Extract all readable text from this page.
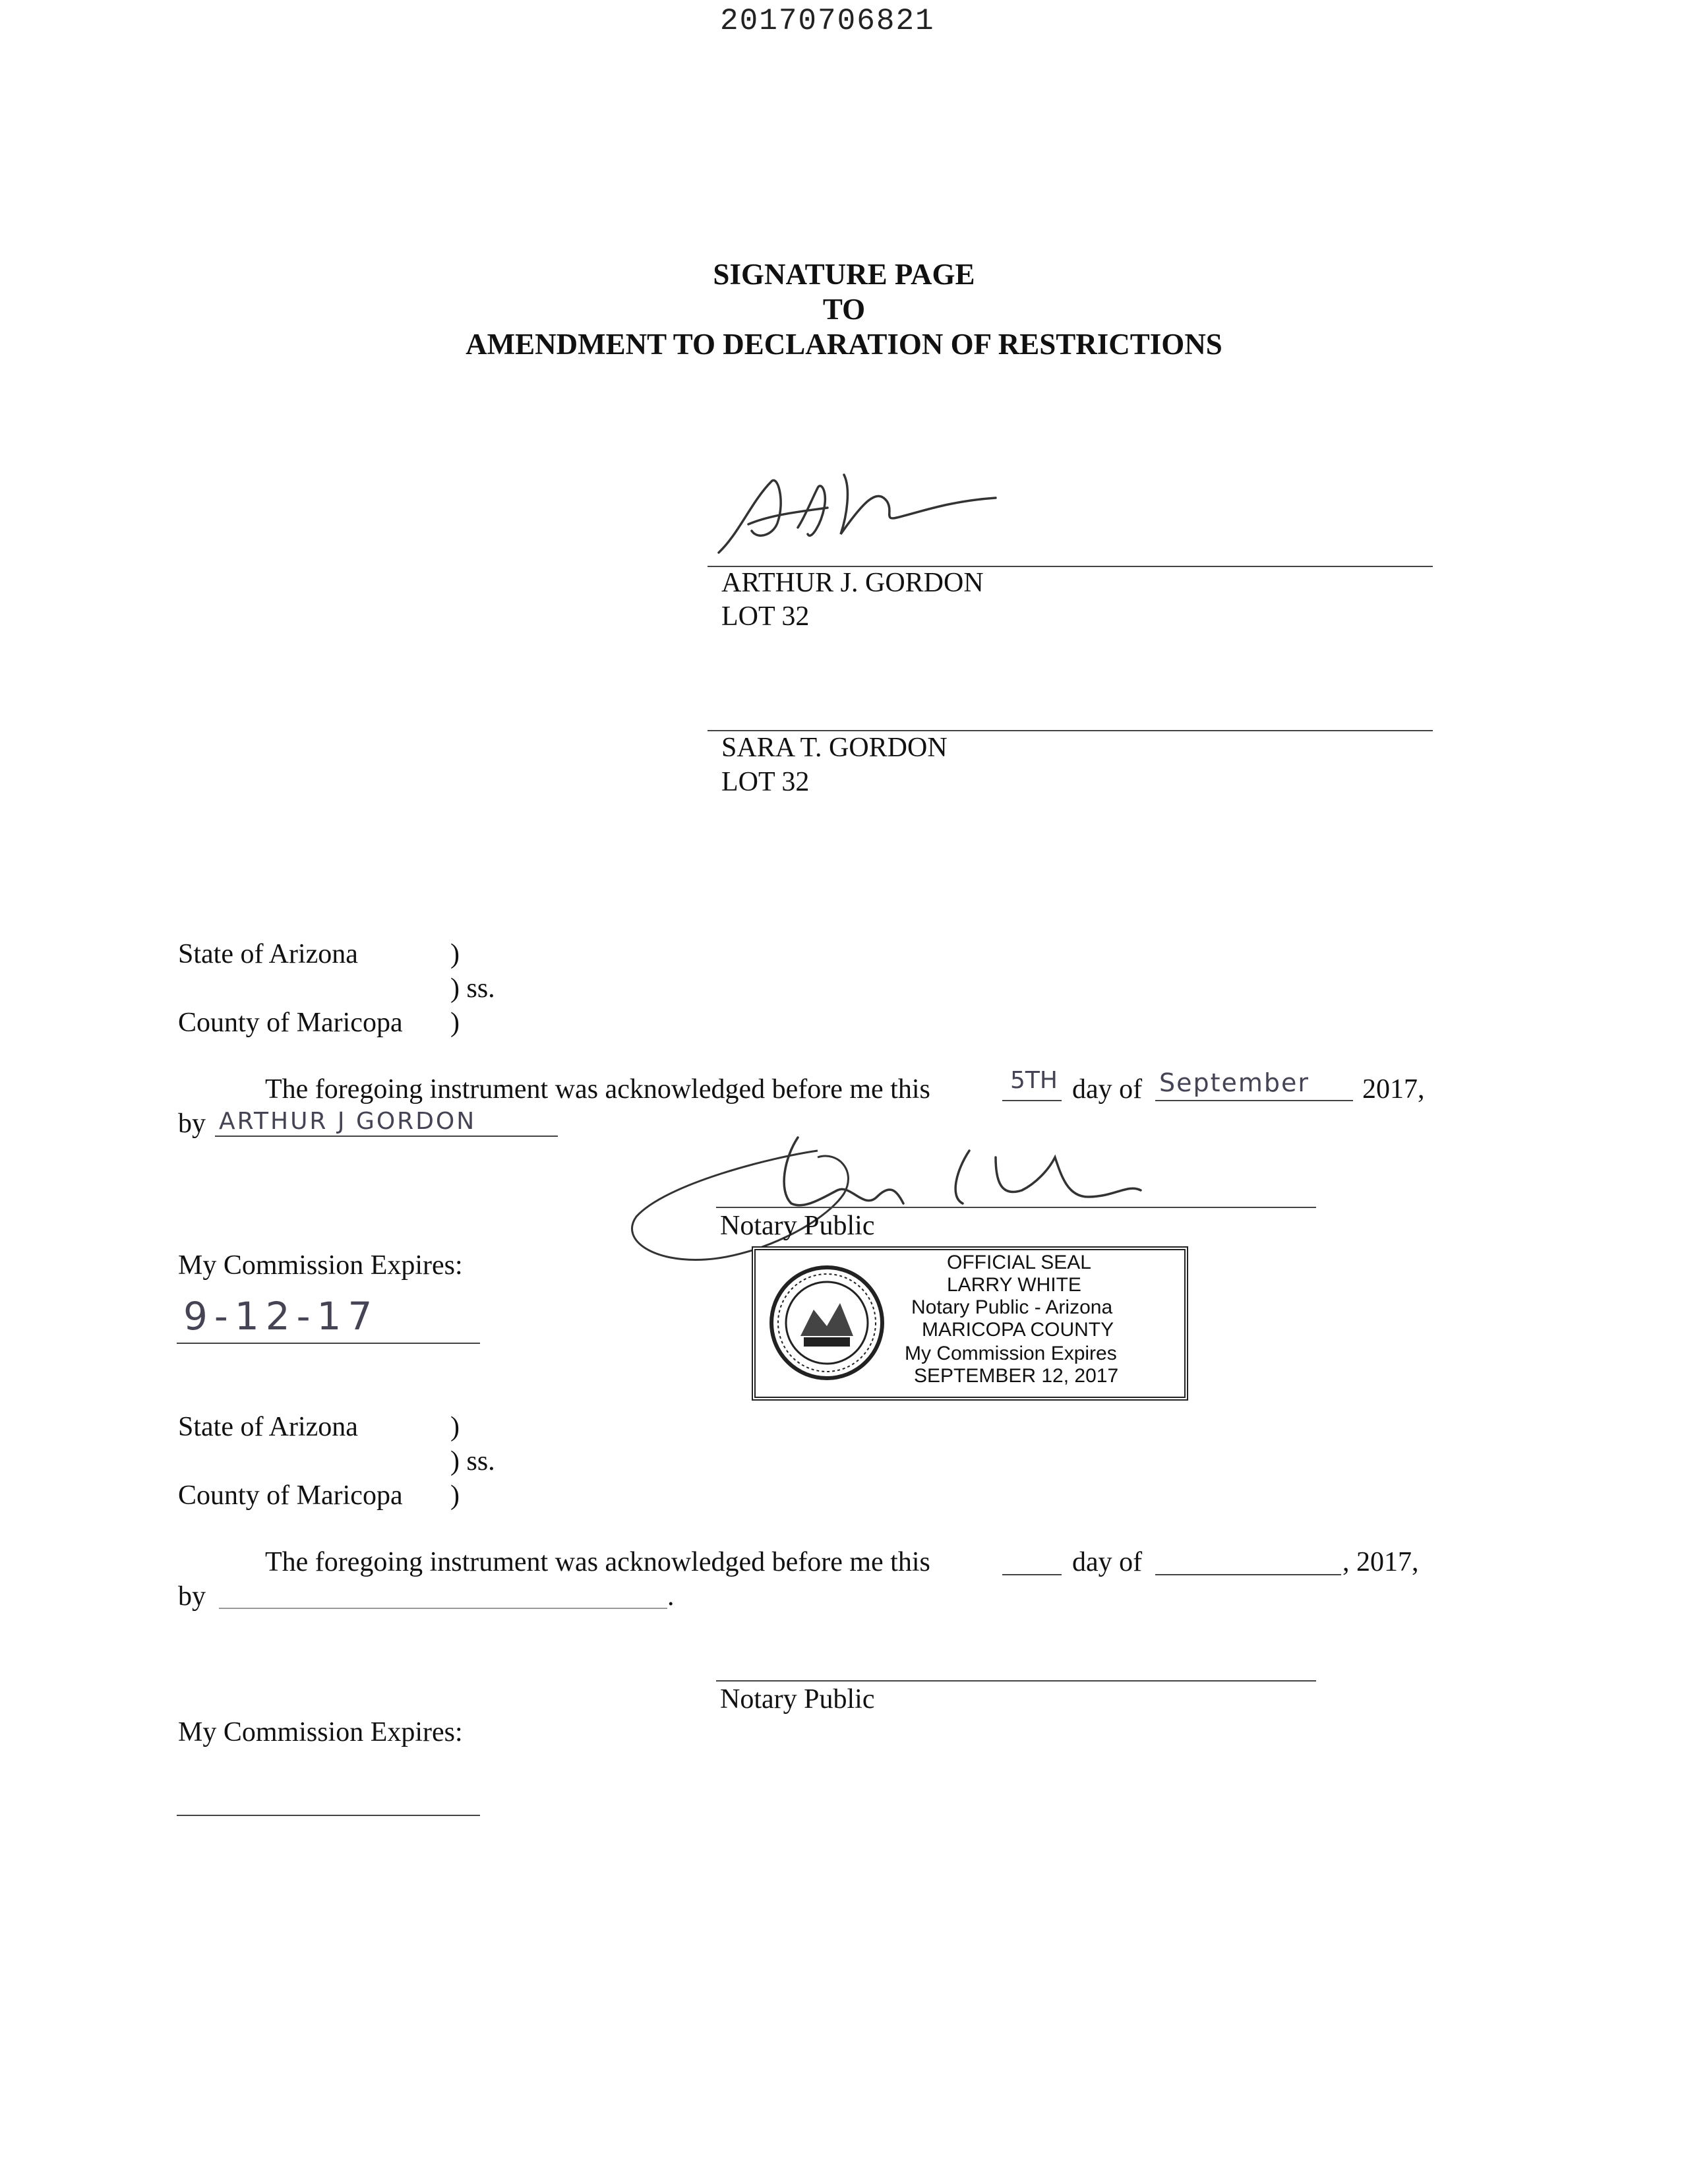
20170706821
SIGNATURE PAGE
TO
AMENDMENT TO DECLARATION OF RESTRICTIONS
ARTHUR J. GORDON
LOT 32
SARA T. GORDON
LOT 32
State of Arizona	)
) ss.
County of Maricopa )
The foregoing instrument was acknowledged before me this	5TH day of September 2017,
by ARTHUR J GORDON
Notary Public
My Commission Expires:
9-12-17
OFFICIAL SEAL
LARRY WHITE
Notary Public - Arizona
MARICOPA COUNTY
My Commission Expires
SEPTEMBER 12, 2017
State of Arizona	)
) ss.
County of Maricopa )
The foregoing instrument was acknowledged before me this	day of	, 2017,
by	.
Notary Public
My Commission Expires:
